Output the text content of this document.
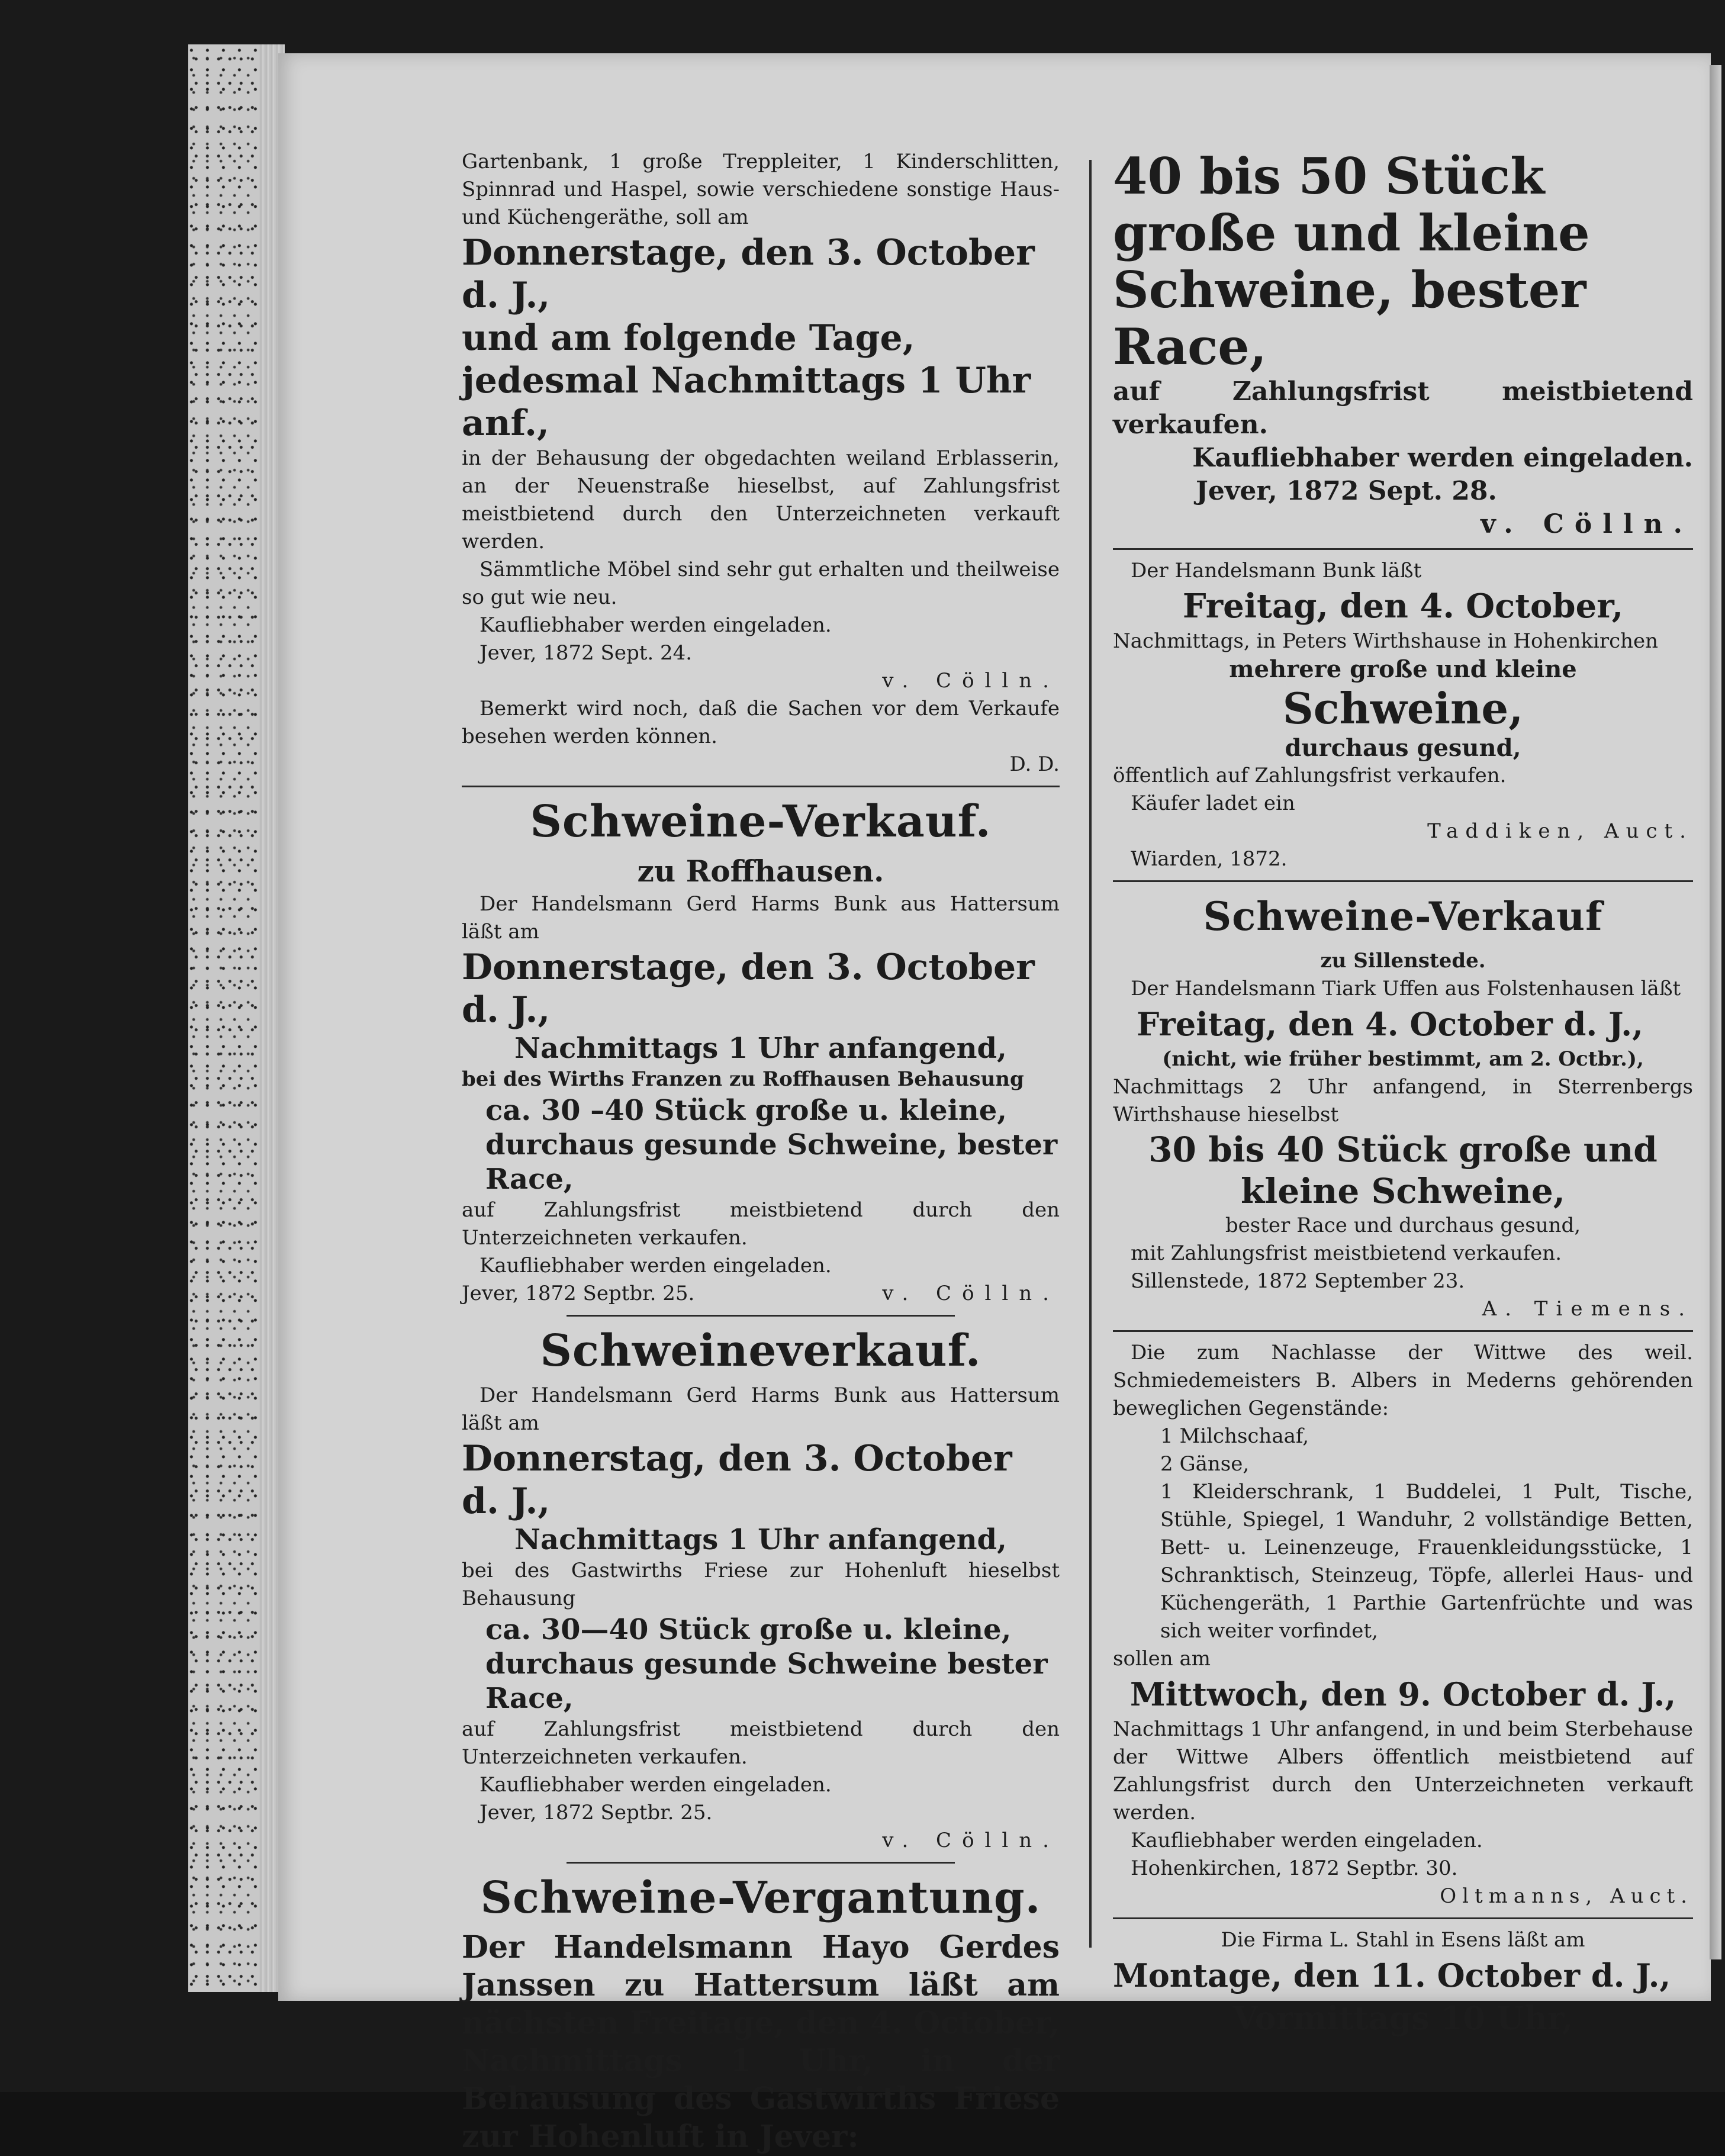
Gartenbank, 1 große Treppleiter, 1 Kinderschlitten, Spinnrad und Haspel, sowie verschiedene sonstige Haus- und Küchengeräthe, soll am

Donnerstage, den 3. October d. J.,

und am folgende Tage, jedesmal Nachmittags 1 Uhr anf.,

in der Behausung der obgedachten weiland Erblasserin, an der Neuenstraße hieselbst, auf Zahlungsfrist meistbietend durch den Unterzeichneten verkauft werden.

Sämmtliche Möbel sind sehr gut erhalten und theilweise so gut wie neu.

Kaufliebhaber werden eingeladen.

Jever, 1872 Sept. 24.

v. Cölln.

Bemerkt wird noch, daß die Sachen vor dem Verkaufe besehen werden können.

D. D.

Schweine-Verkauf.

zu Roffhausen.

Der Handelsmann Gerd Harms Bunk aus Hattersum läßt am

Donnerstage, den 3. October d. J.,

Nachmittags 1 Uhr anfangend,

bei des Wirths Franzen zu Roffhausen Behausung

ca. 30 –40 Stück große u. kleine, durchaus gesunde Schweine, bester Race,

auf Zahlungsfrist meistbietend durch den Unterzeichneten verkaufen.

Kaufliebhaber werden eingeladen.

Jever, 1872 Septbr. 25.	v. Cölln.

Schweineverkauf.

Der Handelsmann Gerd Harms Bunk aus Hattersum läßt am

Donnerstag, den 3. October d. J.,

Nachmittags 1 Uhr anfangend,

bei des Gastwirths Friese zur Hohenluft hieselbst Behausung

ca. 30—40 Stück große u. kleine, durchaus gesunde Schweine bester Race,

auf Zahlungsfrist meistbietend durch den Unterzeichneten verkaufen.

Kaufliebhaber werden eingeladen.

Jever, 1872 Septbr. 25.

v. Cölln.

Schweine-Vergantung.

Der Handelsmann Hayo Gerdes Janssen zu Hattersum läßt am nächsten Freitage, den 4. October, Nachmittags 1 Uhr, in der Behausung des Gastwirths Friese zur Hohenluft in Jever:

40 bis 50 Stück große und kleine Schweine, bester Race,

auf Zahlungsfrist meistbietend verkaufen.

Kaufliebhaber werden eingeladen.

Jever, 1872 Sept. 28.

v. Cölln.

Der Handelsmann Bunk läßt

Freitag, den 4. October,

Nachmittags, in Peters Wirthshause in Hohenkirchen

mehrere große und kleine

Schweine,

durchaus gesund,

öffentlich auf Zahlungsfrist verkaufen.

Käufer ladet ein

Taddiken, Auct.

Wiarden, 1872.

Schweine-Verkauf

zu Sillenstede.

Der Handelsmann Tiark Uffen aus Folstenhausen läßt

Freitag, den 4. October d. J.,

(nicht, wie früher bestimmt, am 2. Octbr.),

Nachmittags 2 Uhr anfangend, in Sterrenbergs Wirthshause hieselbst

30 bis 40 Stück große und kleine Schweine,

bester Race und durchaus gesund,

mit Zahlungsfrist meistbietend verkaufen.

Sillenstede, 1872 September 23.

A. Tiemens.

Die zum Nachlasse der Wittwe des weil. Schmiedemeisters B. Albers in Mederns gehörenden beweglichen Gegenstände:

1 Milchschaaf,

2 Gänse,

1 Kleiderschrank, 1 Buddelei, 1 Pult, Tische, Stühle, Spiegel, 1 Wanduhr, 2 vollständige Betten, Bett- u. Leinenzeuge, Frauenkleidungsstücke, 1 Schranktisch, Steinzeug, Töpfe, allerlei Haus- und Küchengeräth, 1 Parthie Gartenfrüchte und was sich weiter vorfindet,

sollen am

Mittwoch, den 9. October d. J.,

Nachmittags 1 Uhr anfangend, in und beim Sterbehause der Wittwe Albers öffentlich meistbietend auf Zahlungsfrist durch den Unterzeichneten verkauft werden.

Kaufliebhaber werden eingeladen.

Hohenkirchen, 1872 Septbr. 30.

Oltmanns, Auct.

Die Firma L. Stahl in Esens läßt am

Montage, den 11. October d. J.,

Vormittags 10 Uhr,
